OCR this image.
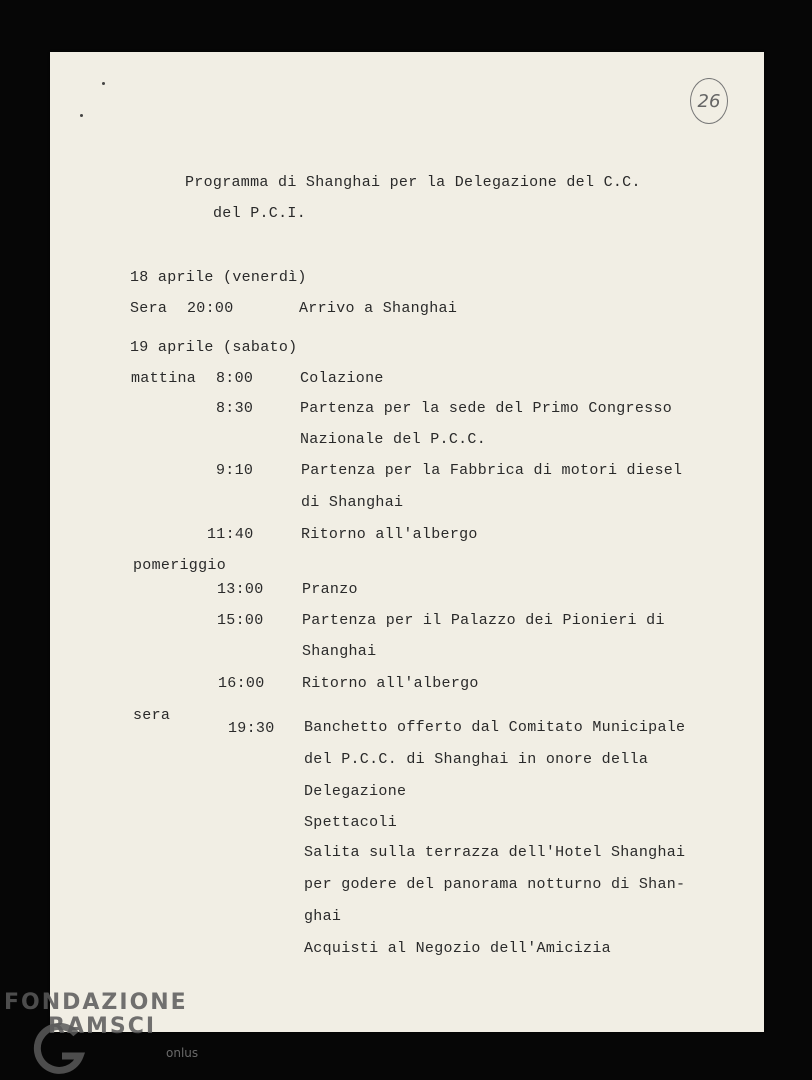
26
Programma di Shanghai per la Delegazione del C.C.
del P.C.I.
18 aprile (venerdì)
Sera 20:00	Arrivo a Shanghai
19 aprile (sabato)
mattina 8:00	Colazione
8:30	Partenza per la sede del Primo Congresso
Nazionale del P.C.C.
9:10	Partenza per la Fabbrica di motori diesel
di Shanghai
11:40	Ritorno all'albergo
pomeriggio
13:00	Pranzo
15:00	Partenza per il Palazzo dei Pionieri di
Shanghai
16:00 Ritorno all'albergo
sera
19:30 Banchetto offerto dal Comitato Municipale
del P.C.C. di Shanghai in onore della
Delegazione
Spettacoli
Salita sulla terrazza dell'Hotel Shanghai
per godere del panorama notturno di Shan-
ghai
Acquisti al Negozio dell'Amicizia
FONDAZIONE
RAMSCI
onlus
